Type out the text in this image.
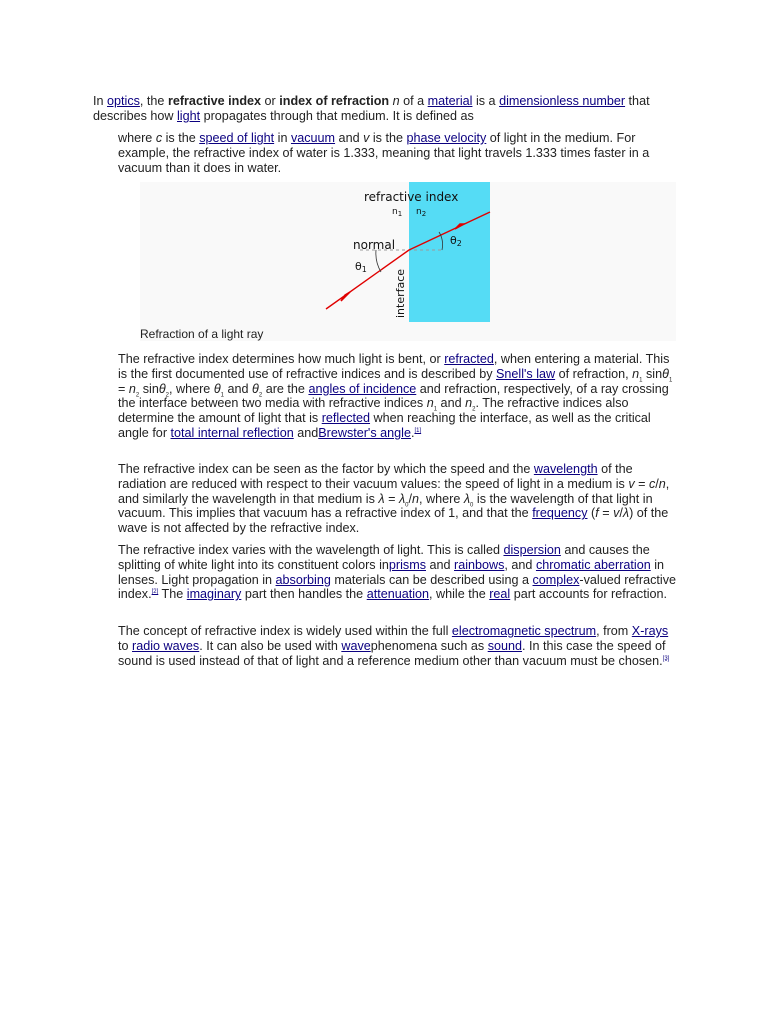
In optics, the refractive index or index of refraction n of a material is a dimensionless number that describes how light propagates through that medium. It is defined as

where c is the speed of light in vacuum and v is the phase velocity of light in the medium. For example, the refractive index of water is 1.333, meaning that light travels 1.333 times faster in a vacuum than it does in water.

refractive index
$n_1$ $n_2$
normal
θ1
θ2
interface
Refraction of a light ray

The refractive index determines how much light is bent, or refracted, when entering a material. This is the first documented use of refractive indices and is described by Snell's law of refraction, $n_1$ $\sin\theta_1 = n_2$ sinθ$_2$, where $\theta_1$ and $\theta_2$ are the angles of incidence and refraction, respectively, of a ray crossing the interface between two media with refractive indices $n_1$ and $n_2$. The refractive indices also determine the amount of light that is reflected when reaching the interface, as well as the critical angle for total internal reflection andBrewster's angle.[1]

The refractive index can be seen as the factor by which the speed and the wavelength of the radiation are reduced with respect to their vacuum values: the speed of light in a medium is v = c/n, and similarly the wavelength in that medium is $\lambda = \lambda_0/n$, where $\lambda_0$ is the wavelength of that light in vacuum. This implies that vacuum has a refractive index of 1, and that the frequency (f = v/λ) of the wave is not affected by the refractive index.

The refractive index varies with the wavelength of light. This is called dispersion and causes the splitting of white light into its constituent colors inprisms and rainbows, and chromatic aberration in lenses. Light propagation in absorbing materials can be described using a complex-valued refractive index.[2] The imaginary part then handles the attenuation, while the real part accounts for refraction.

The concept of refractive index is widely used within the full electromagnetic spectrum, from X-rays to radio waves. It can also be used with wavephenomena such as sound. In this case the speed of sound is used instead of that of light and a reference medium other than vacuum must be chosen.[3]
